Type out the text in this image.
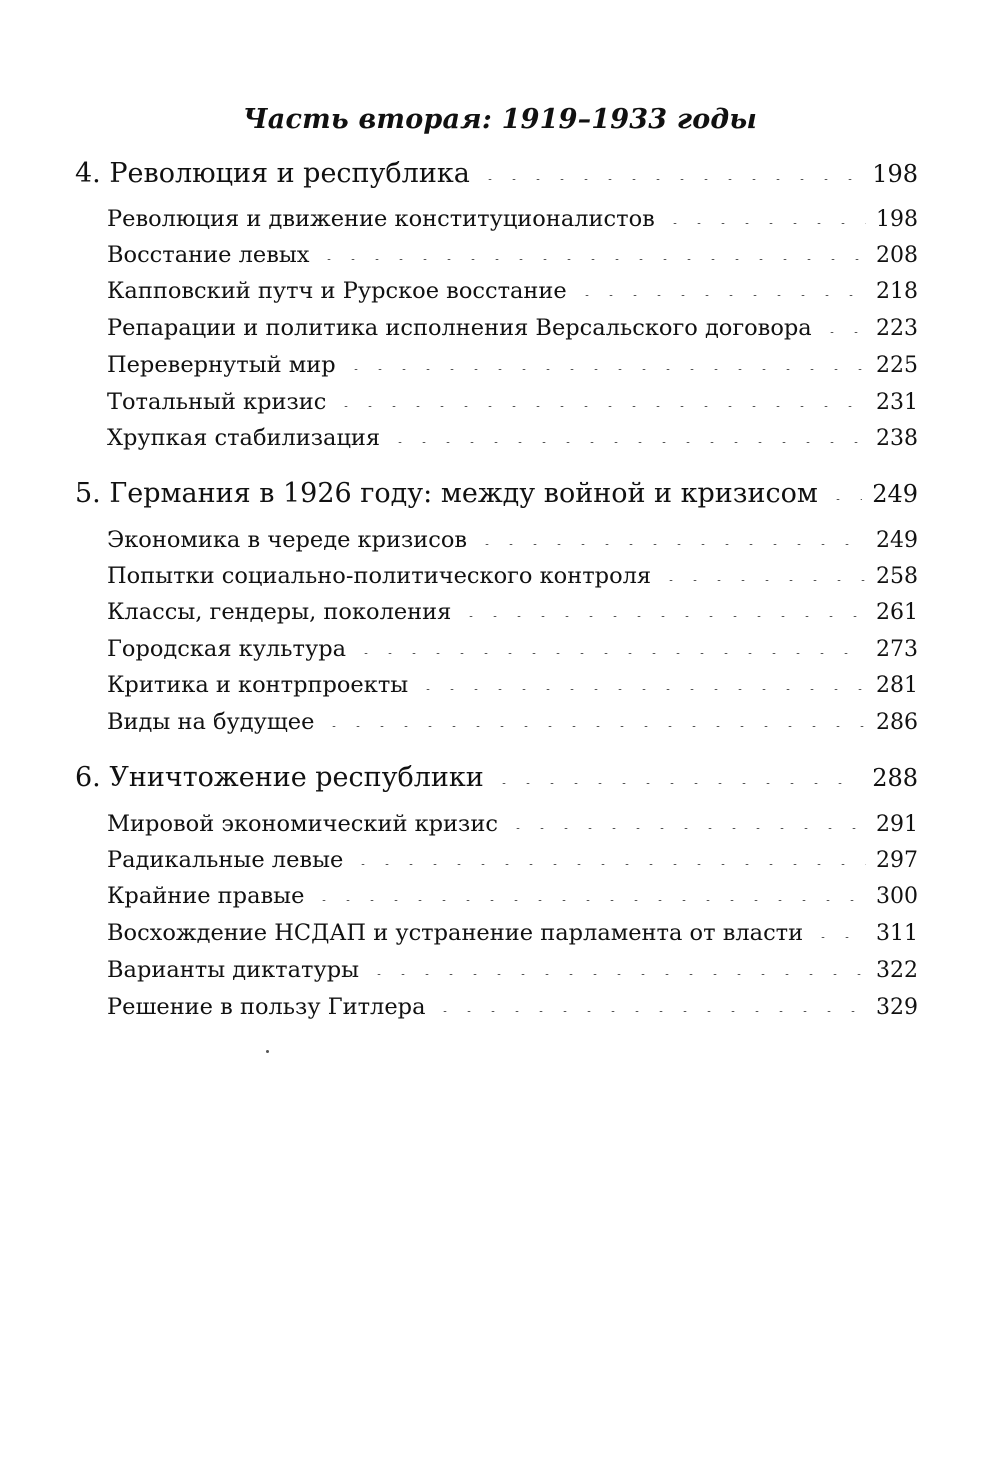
Часть вторая: 1919–1933 годы
4. Революция и республика	198
Революция и движение конституционалистов	198
Восстание левых	208
Капповский путч и Рурское восстание	218
Репарации и политика исполнения Версальского договора	223
Перевернутый мир	225
Тотальный кризис	231
Хрупкая стабилизация	238
5. Германия в 1926 году: между войной и кризисом 249
Экономика в череде кризисов	249
Попытки социально-политического контроля	258
Классы, гендеры, поколения	261
Городская культура	273
Критика и контрпроекты	281
Виды на будущее	286
6. Уничтожение республики	288
Мировой экономический кризис	291
Радикальные левые	297
Крайние правые	300
Восхождение НСДАП и устранение парламента от власти	311
Варианты диктатуры	322
Решение в пользу Гитлера	329
